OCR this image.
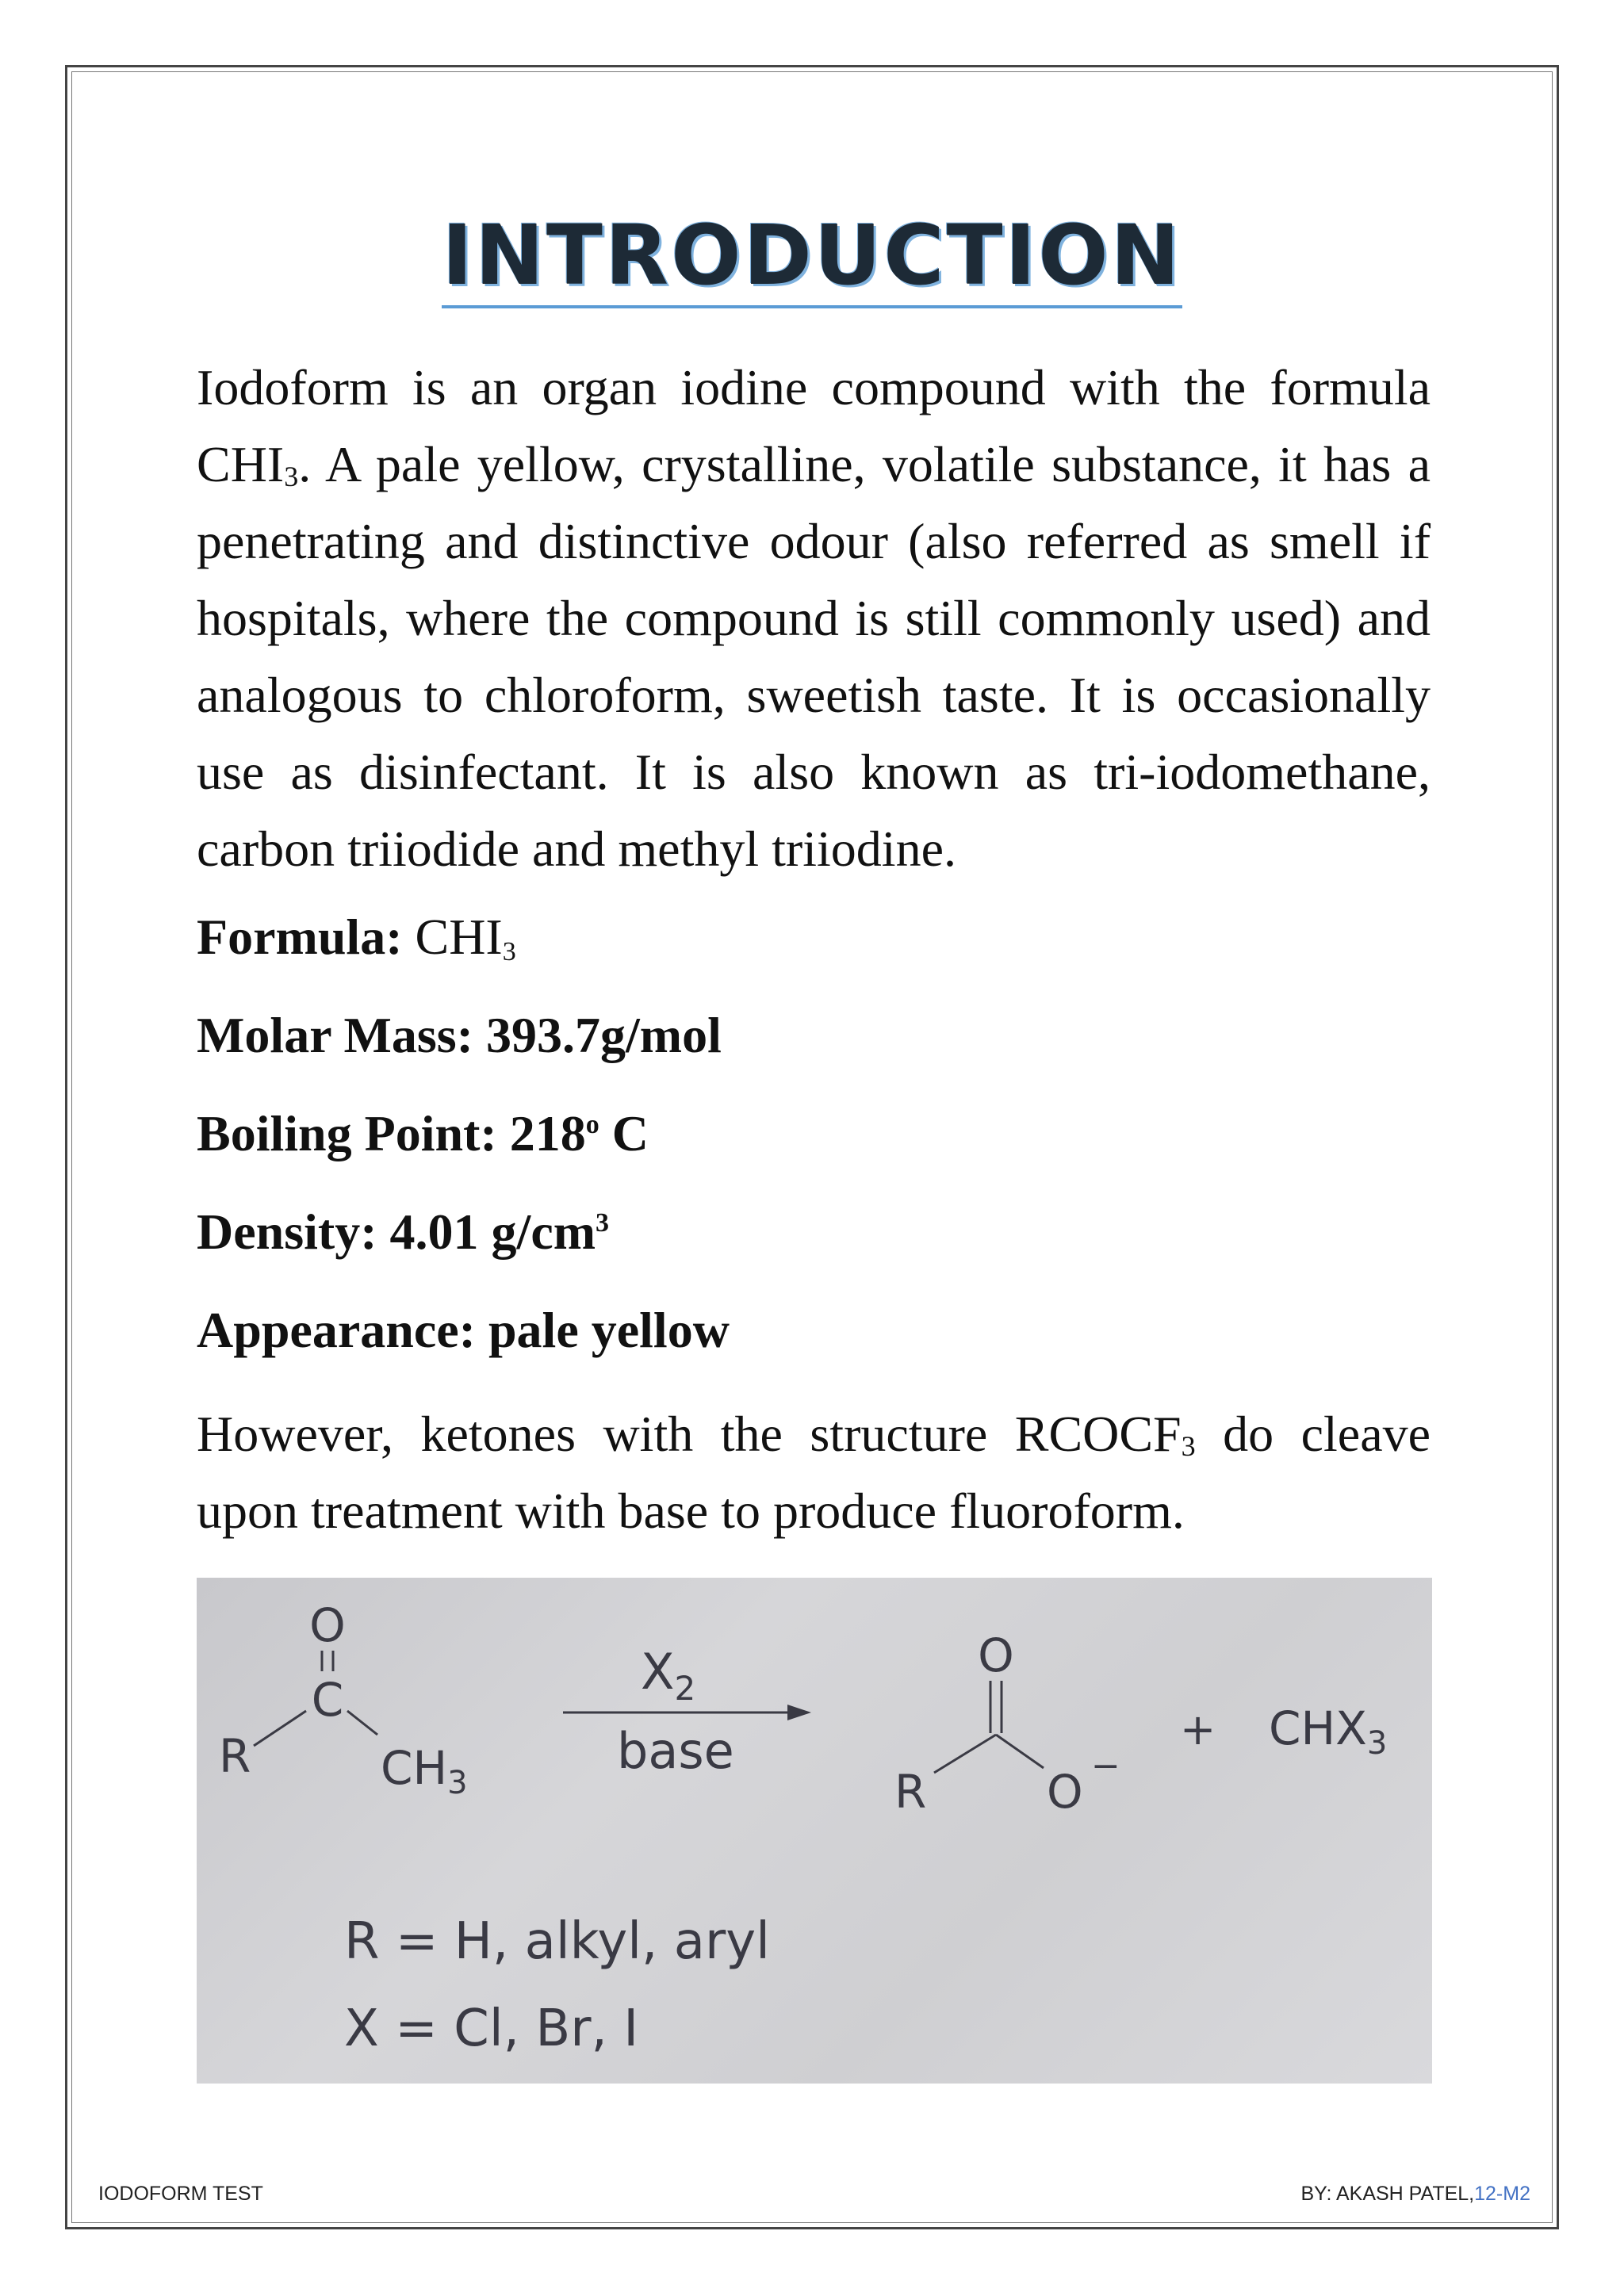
INTRODUCTION
Iodoform is an organ iodine compound with the formula $CHI_3$. A pale yellow, crystalline, volatile substance, it has a penetrating and distinctive odour (also referred as smell if hospitals, where the compound is still commonly used) and analogous to chloroform, sweetish taste. It is occasionally use as disinfectant. It is also known as tri-iodomethane, carbon triiodide and methyl triiodine.
Formula: $CHI_3$
Molar Mass: 393.7g/mol
Boiling Point: 218$^o$ C
Density: 4.01 $g/cm^3$
Appearance: pale yellow
However, ketones with the structure $RCOCF_3$ do cleave upon treatment with base to produce fluoroform.
O
C
R	$CH_3$
$X_2$
base
O
R	O −
+ $CHX_3$
R = H, alkyl, aryl
X = Cl, Br, I
IODOFORM TEST	BY: AKASH PATEL,12-M2
